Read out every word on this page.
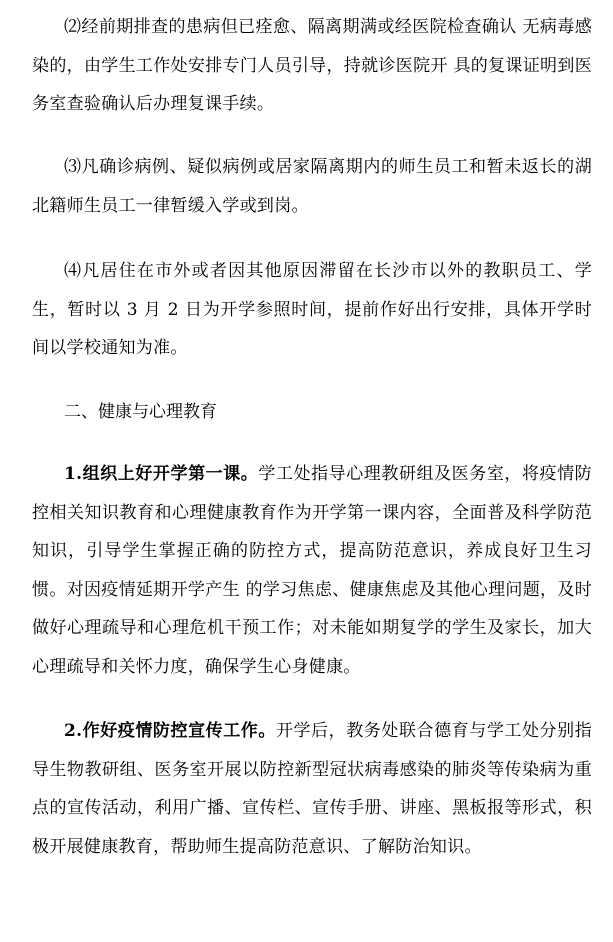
⑵经前期排查的患病但已痊愈、隔离期满或经医院检查确认 无病毒感染的，由学生工作处安排专门人员引导，持就诊医院开 具的复课证明到医务室查验确认后办理复课手续。

⑶凡确诊病例、疑似病例或居家隔离期内的师生员工和暂未返长的湖北籍师生员工一律暂缓入学或到岗。

⑷凡居住在市外或者因其他原因滞留在长沙市以外的教职员工、学生，暂时以 3 月 2 日为开学参照时间，提前作好出行安排，具体开学时间以学校通知为准。

二、健康与心理教育

1.组织上好开学第一课。学工处指导心理教研组及医务室，将疫情防控相关知识教育和心理健康教育作为开学第一课内容，全面普及科学防范知识，引导学生掌握正确的防控方式，提高防范意识，养成良好卫生习惯。对因疫情延期开学产生 的学习焦虑、健康焦虑及其他心理问题，及时做好心理疏导和心理危机干预工作；对未能如期复学的学生及家长，加大心理疏导和关怀力度，确保学生心身健康。

2.作好疫情防控宣传工作。开学后，教务处联合德育与学工处分别指导生物教研组、医务室开展以防控新型冠状病毒感染的肺炎等传染病为重点的宣传活动，利用广播、宣传栏、宣传手册、讲座、黑板报等形式，积极开展健康教育，帮助师生提高防范意识、了解防治知识。
